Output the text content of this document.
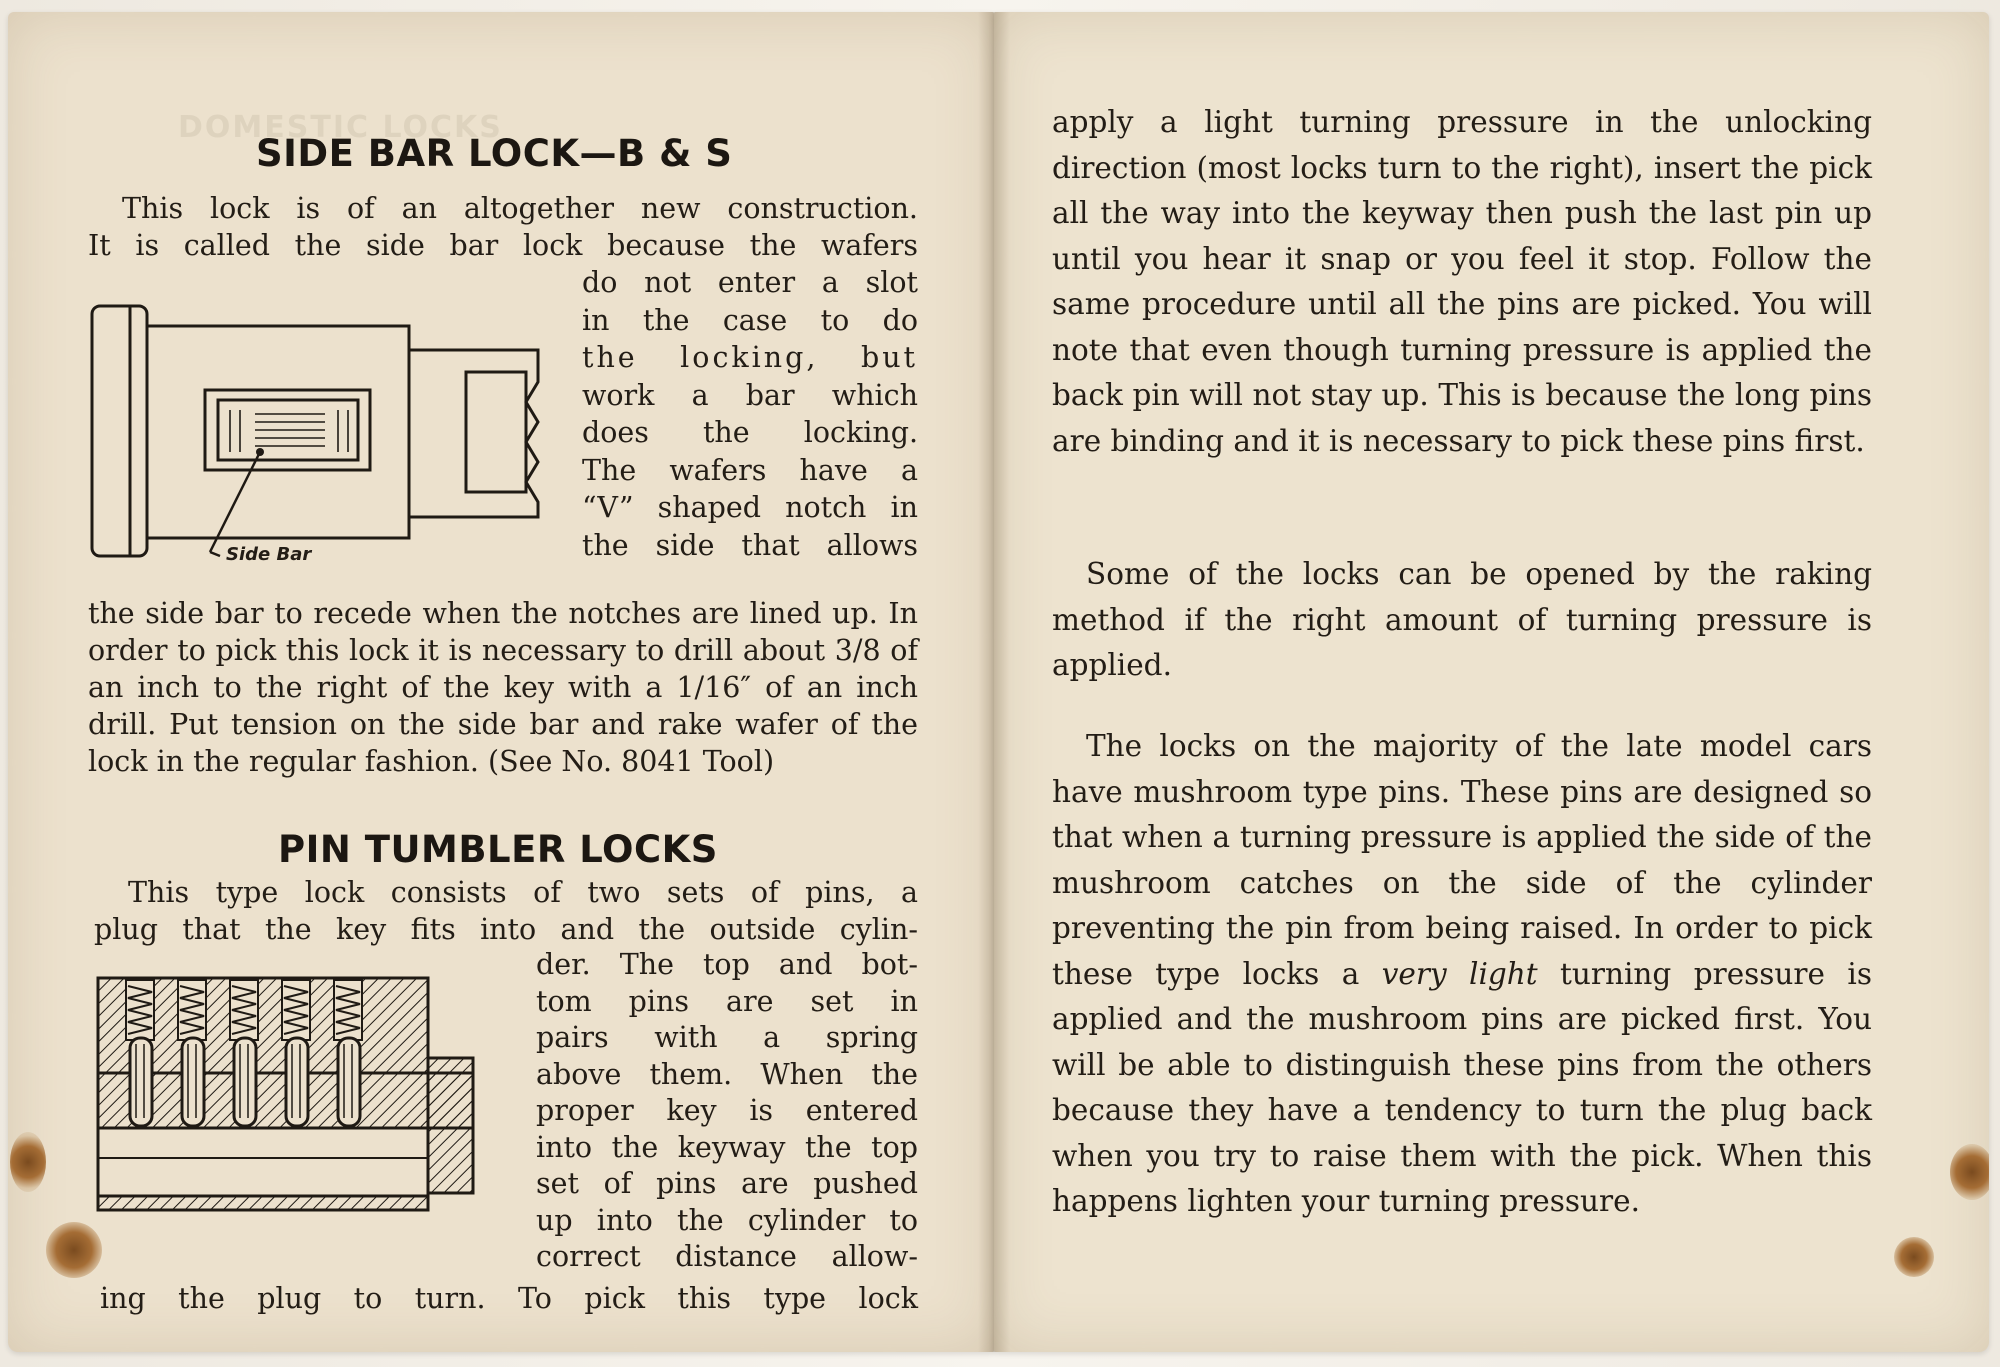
DOMESTIC LOCKS
SIDE BAR LOCK—B & S
This lock is of an altogether new construction.
It is called the side bar lock because the wafers
Side Bar
do not enter a slot
in the case to do
the locking, but
work a bar which
does the locking.
The wafers have a
“V” shaped notch in
the side that allows

the side bar to recede when the notches are lined up. In order to pick this lock it is necessary to drill about 3/8 of an inch to the right of the key with a 1/16″ of an inch drill. Put tension on the side bar and rake wafer of the lock in the regular fashion. (See No. 8041 Tool)

PIN TUMBLER LOCKS
This type lock consists of two sets of pins, a
plug that the key fits into and the outside cylin-
der. The top and bot-
tom pins are set in
pairs with a spring
above them. When the
proper key is entered
into the keyway the top
set of pins are pushed
up into the cylinder to
correct distance allow-
ing the plug to turn. To pick this type lock

apply a light turning pressure in the unlocking direction (most locks turn to the right), insert the pick all the way into the keyway then push the last pin up until you hear it snap or you feel it stop. Follow the same procedure until all the pins are picked. You will note that even though turning pressure is applied the back pin will not stay up. This is because the long pins are binding and it is necessary to pick these pins first.

Some of the locks can be opened by the raking method if the right amount of turning pressure is applied.

The locks on the majority of the late model cars have mushroom type pins. These pins are designed so that when a turning pressure is applied the side of the mushroom catches on the side of the cylinder preventing the pin from being raised. In order to pick these type locks a very light turning pressure is applied and the mushroom pins are picked first. You will be able to distinguish these pins from the others because they have a tendency to turn the plug back when you try to raise them with the pick. When this happens lighten your turning pressure.
